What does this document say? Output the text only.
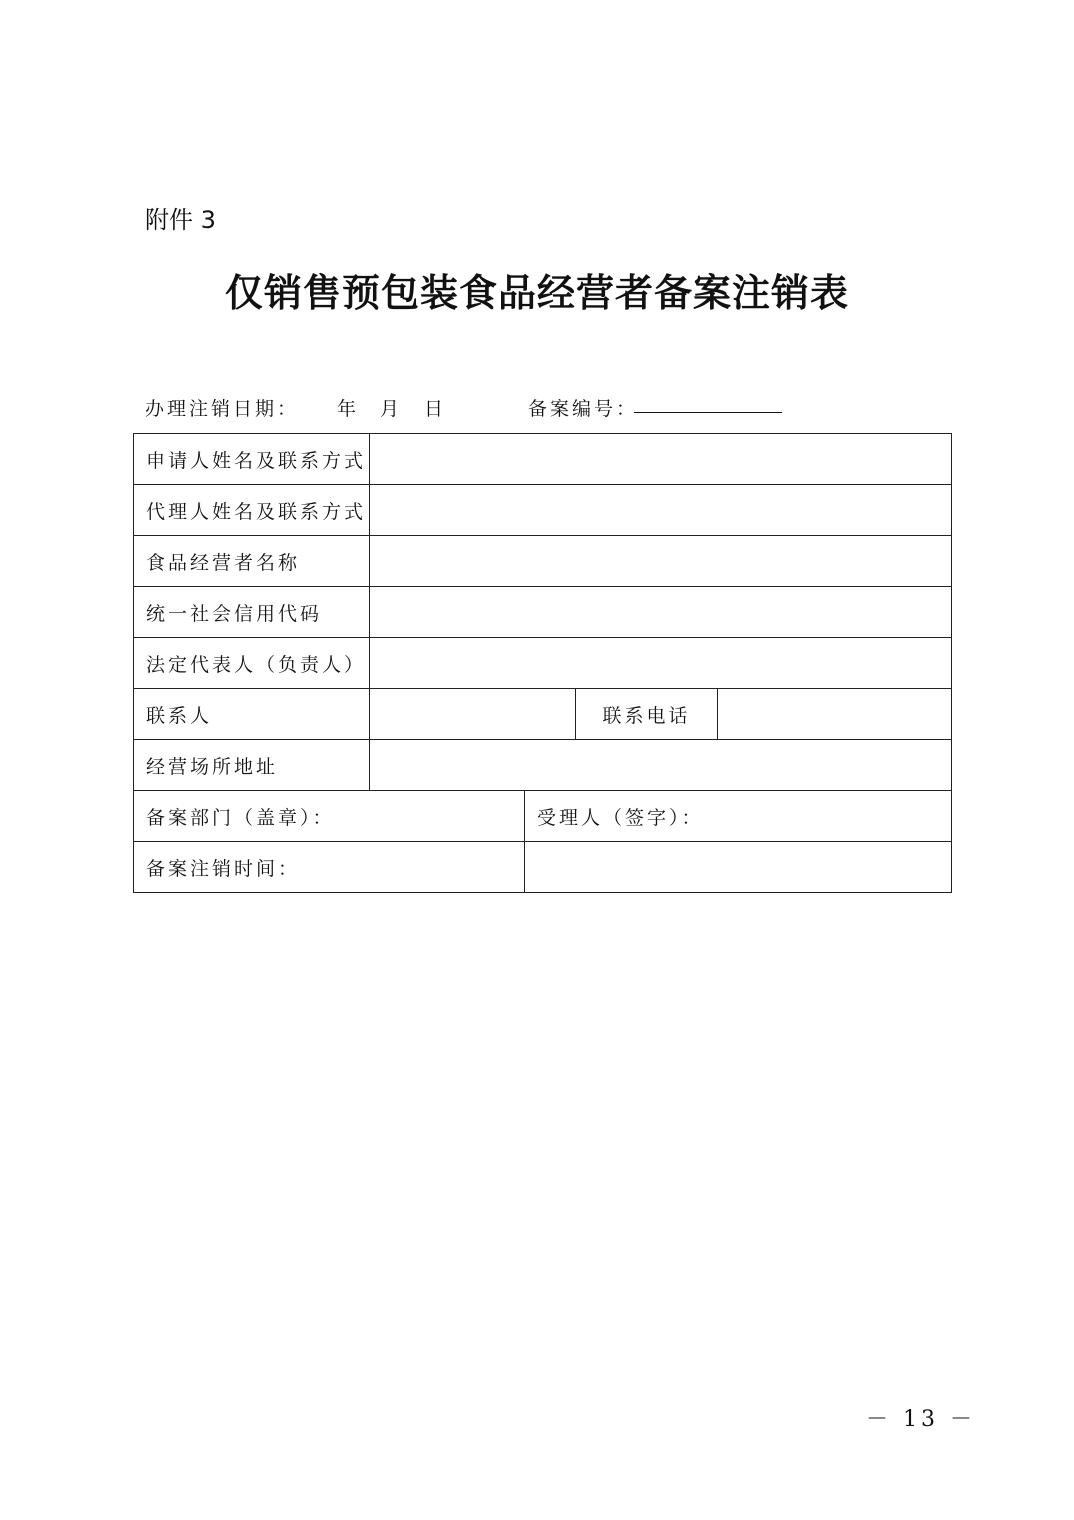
附件 3
仅销售预包装食品经营者备案注销表
办理注销日期： 年 月 日	备案编号：
申请人姓名及联系方式				
代理人姓名及联系方式				
食品经营者名称				
统一社会信用代码				
法定代表人（负责人）				
联系人			联系电话	
经营场所地址				
备案部门（盖章）：		受理人（签字）：		
备案注销时间：				
－ 13 －
